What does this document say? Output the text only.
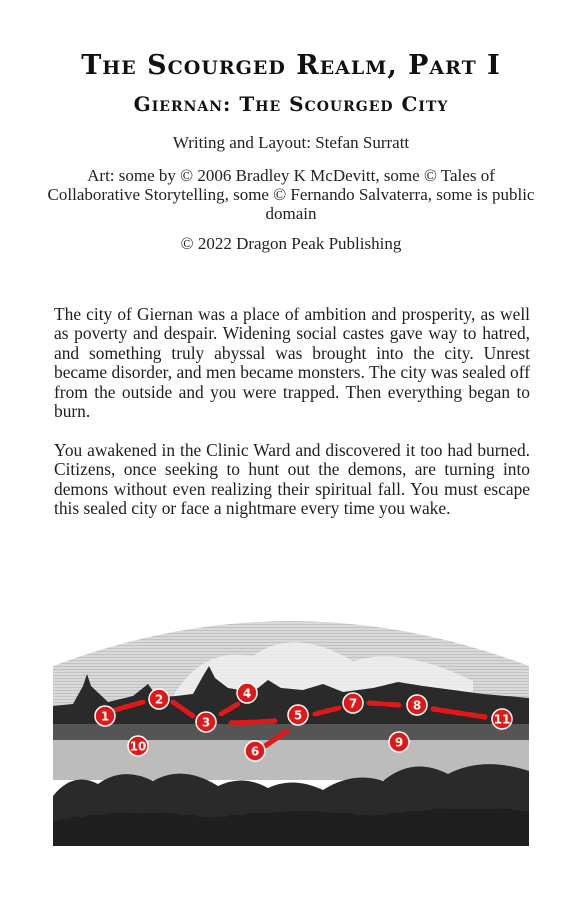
The Scourged Realm, Part I
Giernan: The Scourged City

Writing and Layout: Stefan Surratt

Art: some by © 2006 Bradley K McDevitt, some © Tales of Collaborative Storytelling, some © Fernando Salvaterra, some is public domain

© 2022 Dragon Peak Publishing

The city of Giernan was a place of ambition and prosperity, as well as poverty and despair. Widening social castes gave way to hatred, and something truly abyssal was brought into the city. Unrest became disorder, and men became monsters. The city was sealed off from the outside and you were trapped. Then everything began to burn.

You awakened in the Clinic Ward and discovered it too had burned. Citizens, once seeking to hunt out the demons, are turning into demons without even realizing their spiritual fall. You must escape this sealed city or face a nightmare every time you wake.

1
2
3
4
5
6
7	8
9
10
11
